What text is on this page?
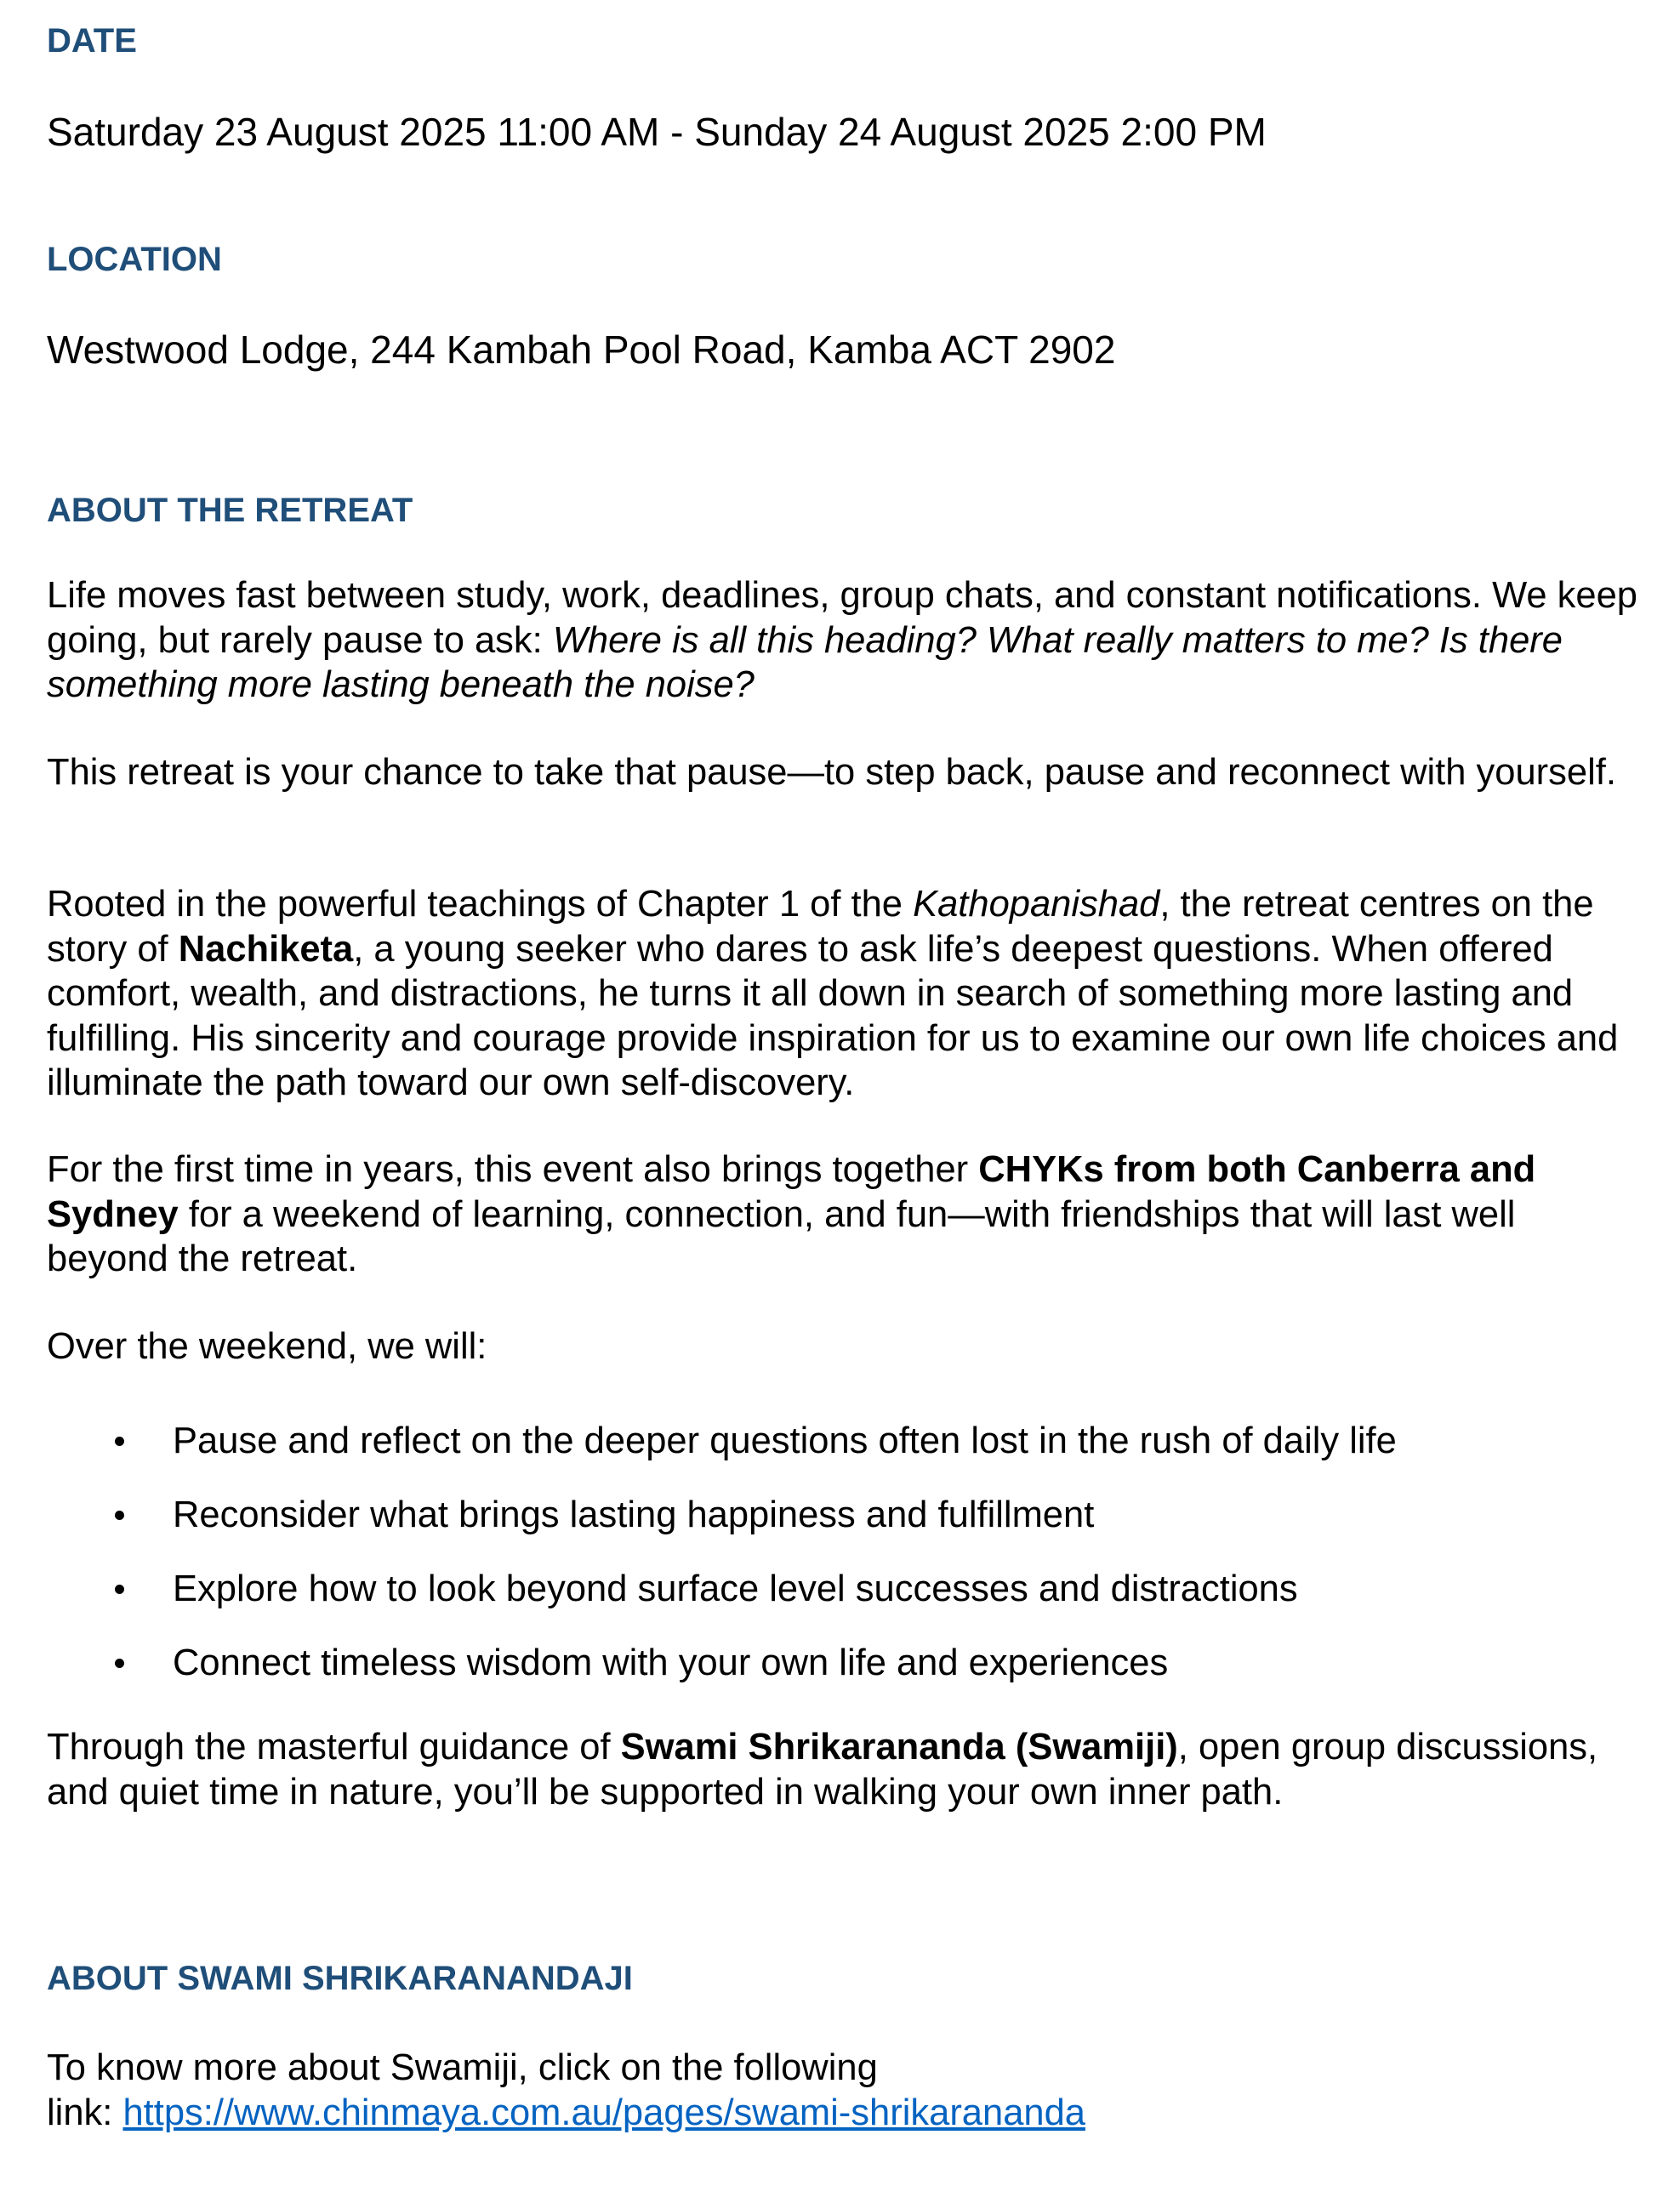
DATE

Saturday 23 August 2025 11:00 AM - Sunday 24 August 2025 2:00 PM

LOCATION

Westwood Lodge, 244 Kambah Pool Road, Kamba ACT 2902

ABOUT THE RETREAT

Life moves fast between study, work, deadlines, group chats, and constant notifications. We keep going, but rarely pause to ask: Where is all this heading? What really matters to me? Is there something more lasting beneath the noise?

This retreat is your chance to take that pause—to step back, pause and reconnect with yourself.

Rooted in the powerful teachings of Chapter 1 of the Kathopanishad, the retreat centres on the story of Nachiketa, a young seeker who dares to ask life’s deepest questions. When offered comfort, wealth, and distractions, he turns it all down in search of something more lasting and fulfilling. His sincerity and courage provide inspiration for us to examine our own life choices and illuminate the path toward our own self-discovery.

For the first time in years, this event also brings together CHYKs from both Canberra and Sydney for a weekend of learning, connection, and fun—with friendships that will last well beyond the retreat.

Over the weekend, we will:

Pause and reflect on the deeper questions often lost in the rush of daily life
Reconsider what brings lasting happiness and fulfillment
Explore how to look beyond surface level successes and distractions
Connect timeless wisdom with your own life and experiences

Through the masterful guidance of Swami Shrikarananda (Swamiji), open group discussions, and quiet time in nature, you’ll be supported in walking your own inner path.

ABOUT SWAMI SHRIKARANANDAJI

To know more about Swamiji, click on the following
link: https://www.chinmaya.com.au/pages/swami-shrikarananda
